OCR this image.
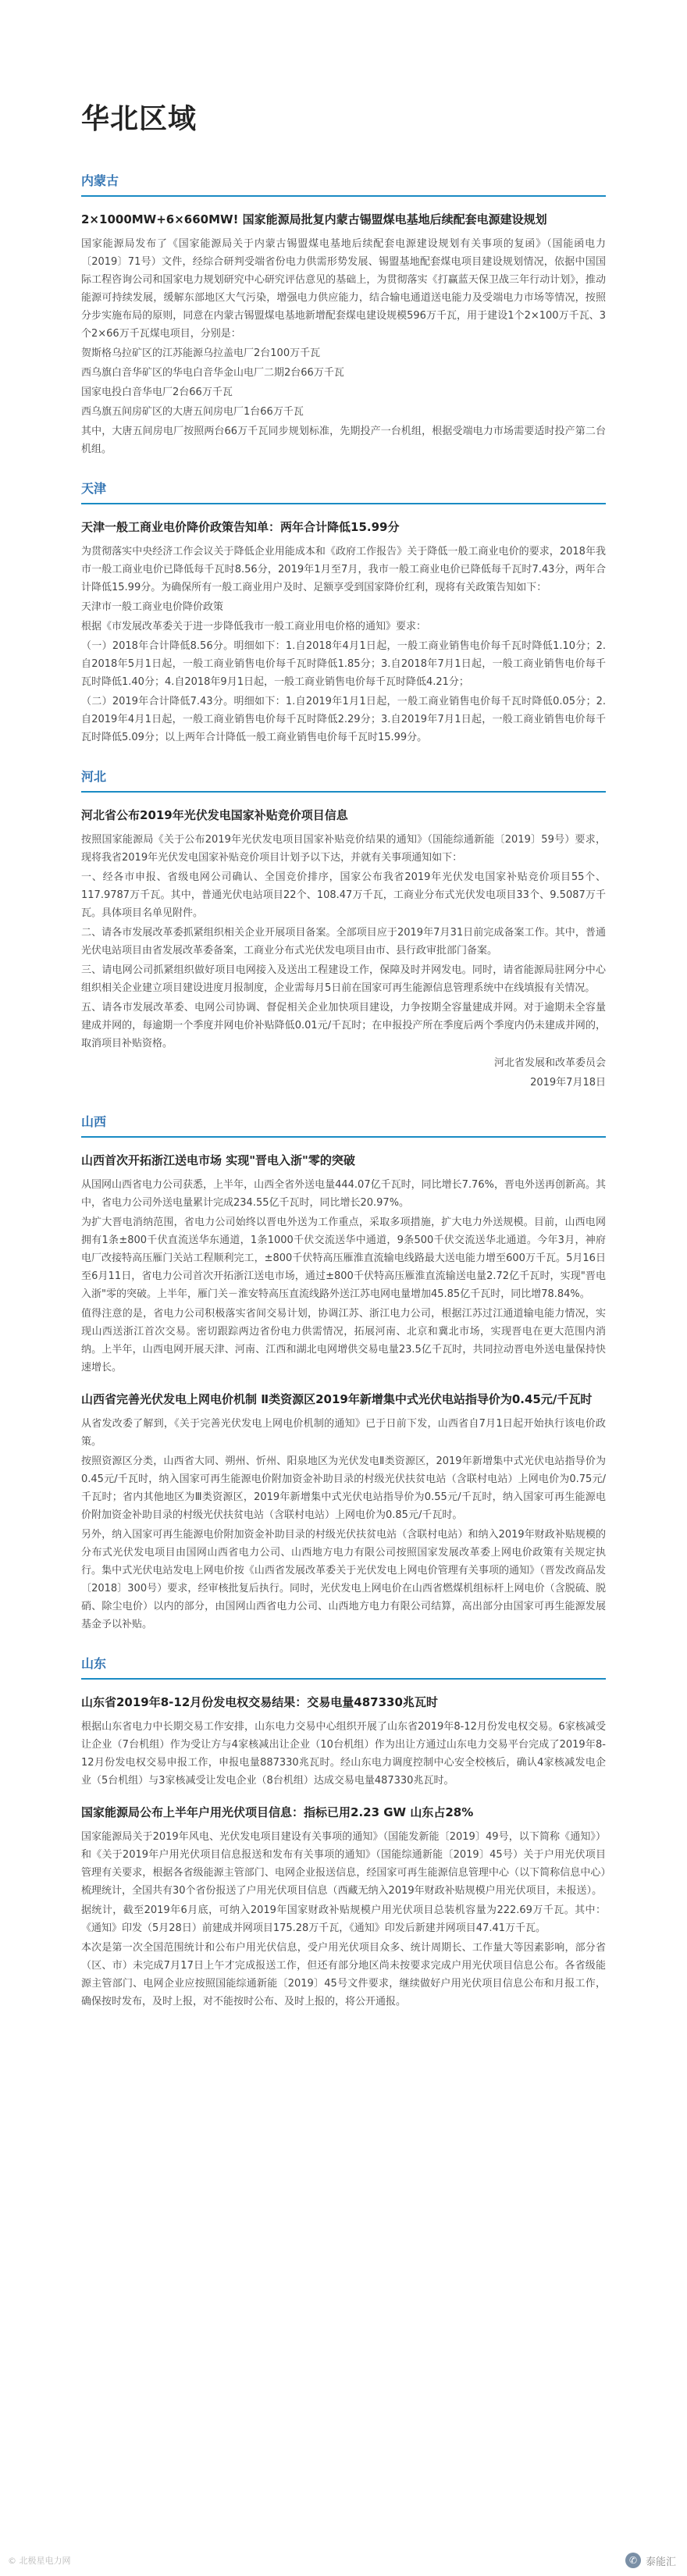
华北区域
内蒙古
2×1000MW+6×660MW! 国家能源局批复内蒙古锡盟煤电基地后续配套电源建设规划

国家能源局发布了《国家能源局关于内蒙古锡盟煤电基地后续配套电源建设规划有关事项的复函》（国能函电力〔2019〕71号）文件，经综合研判受端省份电力供需形势发展、锡盟基地配套煤电项目建设规划情况，依据中国国际工程咨询公司和国家电力规划研究中心研究评估意见的基础上，为贯彻落实《打赢蓝天保卫战三年行动计划》，推动能源可持续发展，缓解东部地区大气污染，增强电力供应能力，结合输电通道送电能力及受端电力市场等情况，按照分步实施布局的原则，同意在内蒙古锡盟煤电基地新增配套煤电建设规模596万千瓦，用于建设1个2×100万千瓦、3个2×66万千瓦煤电项目，分别是：

贺斯格乌拉矿区的江苏能源乌拉盖电厂2台100万千瓦

西乌旗白音华矿区的华电白音华金山电厂二期2台66万千瓦

国家电投白音华电厂2台66万千瓦

西乌旗五间房矿区的大唐五间房电厂1台66万千瓦

其中，大唐五间房电厂按照两台66万千瓦同步规划标准，先期投产一台机组，根据受端电力市场需要适时投产第二台机组。

天津
天津一般工商业电价降价政策告知单：两年合计降低15.99分

为贯彻落实中央经济工作会议关于降低企业用能成本和《政府工作报告》关于降低一般工商业电价的要求，2018年我市一般工商业电价已降低每千瓦时8.56分，2019年1月至7月，我市一般工商业电价已降低每千瓦时7.43分，两年合计降低15.99分。为确保所有一般工商业用户及时、足额享受到国家降价红利，现将有关政策告知如下：

天津市一般工商业电价降价政策

根据《市发展改革委关于进一步降低我市一般工商业用电价格的通知》要求：

（一）2018年合计降低8.56分。明细如下：1.自2018年4月1日起，一般工商业销售电价每千瓦时降低1.10分；2.自2018年5月1日起，一般工商业销售电价每千瓦时降低1.85分；3.自2018年7月1日起，一般工商业销售电价每千瓦时降低1.40分；4.自2018年9月1日起，一般工商业销售电价每千瓦时降低4.21分；

（二）2019年合计降低7.43分。明细如下：1.自2019年1月1日起，一般工商业销售电价每千瓦时降低0.05分；2.自2019年4月1日起，一般工商业销售电价每千瓦时降低2.29分；3.自2019年7月1日起，一般工商业销售电价每千瓦时降低5.09分；以上两年合计降低一般工商业销售电价每千瓦时15.99分。

河北
河北省公布2019年光伏发电国家补贴竞价项目信息

按照国家能源局《关于公布2019年光伏发电项目国家补贴竞价结果的通知》（国能综通新能〔2019〕59号）要求，现将我省2019年光伏发电国家补贴竞价项目计划予以下达，并就有关事项通知如下：

一、经各市申报、省级电网公司确认、全国竞价排序，国家公布我省2019年光伏发电国家补贴竞价项目55个、117.9787万千瓦。其中，普通光伏电站项目22个、108.47万千瓦，工商业分布式光伏发电项目33个、9.5087万千瓦。具体项目名单见附件。

二、请各市发展改革委抓紧组织相关企业开展项目备案。全部项目应于2019年7月31日前完成备案工作。其中，普通光伏电站项目由省发展改革委备案，工商业分布式光伏发电项目由市、县行政审批部门备案。

三、请电网公司抓紧组织做好项目电网接入及送出工程建设工作，保障及时并网发电。同时，请省能源局驻网分中心组织相关企业建立项目建设进度月报制度，企业需每月5日前在国家可再生能源信息管理系统中在线填报有关情况。

五、请各市发展改革委、电网公司协调、督促相关企业加快项目建设，力争按期全容量建成并网。对于逾期未全容量建成并网的，每逾期一个季度并网电价补贴降低0.01元/千瓦时；在申报投产所在季度后两个季度内仍未建成并网的，取消项目补贴资格。

河北省发展和改革委员会

2019年7月18日

山西
山西首次开拓浙江送电市场 实现"晋电入浙"零的突破

从国网山西省电力公司获悉，上半年，山西全省外送电量444.07亿千瓦时，同比增长7.76%，晋电外送再创新高。其中，省电力公司外送电量累计完成234.55亿千瓦时，同比增长20.97%。

为扩大晋电消纳范围，省电力公司始终以晋电外送为工作重点，采取多项措施，扩大电力外送规模。目前，山西电网拥有1条±800千伏直流送华东通道，1条1000千伏交流送华中通道，9条500千伏交流送华北通道。今年3月，神府电厂改接特高压雁门关站工程顺利完工，±800千伏特高压雁淮直流输电线路最大送电能力增至600万千瓦。5月16日至6月11日，省电力公司首次开拓浙江送电市场，通过±800千伏特高压雁淮直流输送电量2.72亿千瓦时，实现"晋电入浙"零的突破。上半年，雁门关－淮安特高压直流线路外送江苏电网电量增加45.85亿千瓦时，同比增78.84%。

值得注意的是，省电力公司积极落实省间交易计划，协调江苏、浙江电力公司，根据江苏过江通道输电能力情况，实现山西送浙江首次交易。密切跟踪两边省份电力供需情况，拓展河南、北京和冀北市场，实现晋电在更大范围内消纳。上半年，山西电网开展天津、河南、江西和湖北电网增供交易电量23.5亿千瓦时，共同拉动晋电外送电量保持快速增长。

山西省完善光伏发电上网电价机制 Ⅱ类资源区2019年新增集中式光伏电站指导价为0.45元/千瓦时

从省发改委了解到，《关于完善光伏发电上网电价机制的通知》已于日前下发，山西省自7月1日起开始执行该电价政策。

按照资源区分类，山西省大同、朔州、忻州、阳泉地区为光伏发电Ⅱ类资源区，2019年新增集中式光伏电站指导价为0.45元/千瓦时，纳入国家可再生能源电价附加资金补助目录的村级光伏扶贫电站（含联村电站）上网电价为0.75元/千瓦时；省内其他地区为Ⅲ类资源区，2019年新增集中式光伏电站指导价为0.55元/千瓦时，纳入国家可再生能源电价附加资金补助目录的村级光伏扶贫电站（含联村电站）上网电价为0.85元/千瓦时。

另外，纳入国家可再生能源电价附加资金补助目录的村级光伏扶贫电站（含联村电站）和纳入2019年财政补贴规模的分布式光伏发电项目由国网山西省电力公司、山西地方电力有限公司按照国家发展改革委上网电价政策有关规定执行。集中式光伏电站发电上网电价按《山西省发展改革委关于光伏发电上网电价管理有关事项的通知》（晋发改商品发〔2018〕300号）要求，经审核批复后执行。同时，光伏发电上网电价在山西省燃煤机组标杆上网电价（含脱硫、脱硝、除尘电价）以内的部分，由国网山西省电力公司、山西地方电力有限公司结算，高出部分由国家可再生能源发展基金予以补贴。

山东
山东省2019年8-12月份发电权交易结果：交易电量487330兆瓦时

根据山东省电力中长期交易工作安排，山东电力交易中心组织开展了山东省2019年8-12月份发电权交易。6家核减受让企业（7台机组）作为受让方与4家核减出让企业（10台机组）作为出让方通过山东电力交易平台完成了2019年8-12月份发电权交易申报工作，申报电量887330兆瓦时。经山东电力调度控制中心安全校核后，确认4家核减发电企业（5台机组）与3家核减受让发电企业（8台机组）达成交易电量487330兆瓦时。

国家能源局公布上半年户用光伏项目信息：指标已用2.23 GW 山东占28%

国家能源局关于2019年风电、光伏发电项目建设有关事项的通知》（国能发新能〔2019〕49号，以下简称《通知》）和《关于2019年户用光伏项目信息报送和发布有关事项的通知》（国能综通新能〔2019〕45号）关于户用光伏项目管理有关要求，根据各省级能源主管部门、电网企业报送信息，经国家可再生能源信息管理中心（以下简称信息中心）梳理统计，全国共有30个省份报送了户用光伏项目信息（西藏无纳入2019年财政补贴规模户用光伏项目，未报送）。

据统计，截至2019年6月底，可纳入2019年国家财政补贴规模户用光伏项目总装机容量为222.69万千瓦。其中：《通知》印发（5月28日）前建成并网项目175.28万千瓦，《通知》印发后新建并网项目47.41万千瓦。

本次是第一次全国范围统计和公布户用光伏信息，受户用光伏项目众多、统计周期长、工作量大等因素影响，部分省（区、市）未完成7月17日上午才完成报送工作，但还有部分地区尚未按要求完成户用光伏项目信息公布。各省级能源主管部门、电网企业应按照国能综通新能〔2019〕45号文件要求，继续做好户用光伏项目信息公布和月报工作，确保按时发布，及时上报，对不能按时公布、及时上报的，将公开通报。

© 北极星电力网	✆ 泰能汇
